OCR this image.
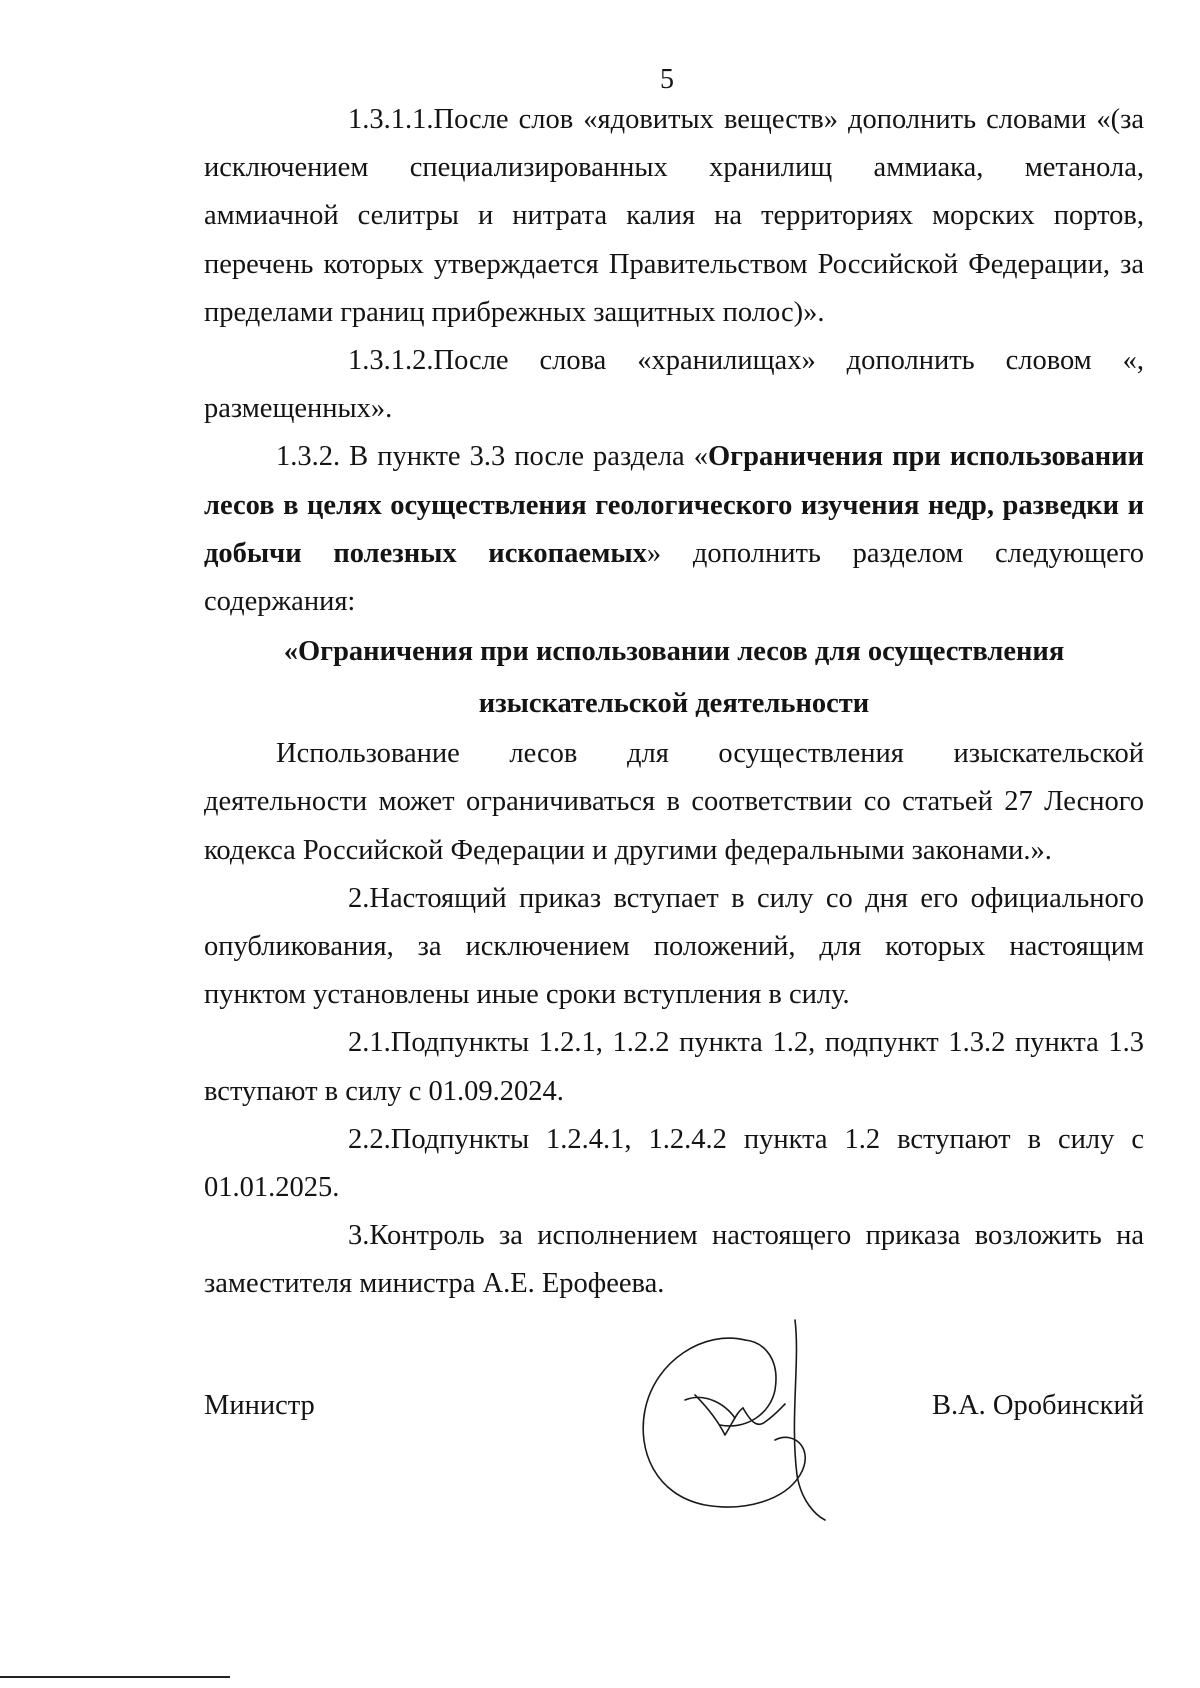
5

1.3.1.1.После слов «ядовитых веществ» дополнить словами «(за исключением специализированных хранилищ аммиака, метанола, аммиачной селитры и нитрата калия на территориях морских портов, перечень которых утверждается Правительством Российской Федерации, за пределами границ прибрежных защитных полос)».

1.3.1.2.После слова «хранилищах» дополнить словом «, размещенных».

1.3.2. В пункте 3.3 после раздела «Ограничения при использовании лесов в целях осуществления геологического изучения недр, разведки и добычи полезных ископаемых» дополнить разделом следующего содержания:

«Ограничения при использовании лесов для осуществления

изыскательской деятельности

Использование лесов для осуществления изыскательской деятельности может ограничиваться в соответствии со статьей 27 Лесного кодекса Российской Федерации и другими федеральными законами.».

2.Настоящий приказ вступает в силу со дня его официального опубликования, за исключением положений, для которых настоящим пунктом установлены иные сроки вступления в силу.

2.1.Подпункты 1.2.1, 1.2.2 пункта 1.2, подпункт 1.3.2 пункта 1.3 вступают в силу с 01.09.2024.

2.2.Подпункты 1.2.4.1, 1.2.4.2 пункта 1.2 вступают в силу с 01.01.2025.

3.Контроль за исполнением настоящего приказа возложить на заместителя министра А.Е. Ерофеева.

Министр	В.А. Оробинский
